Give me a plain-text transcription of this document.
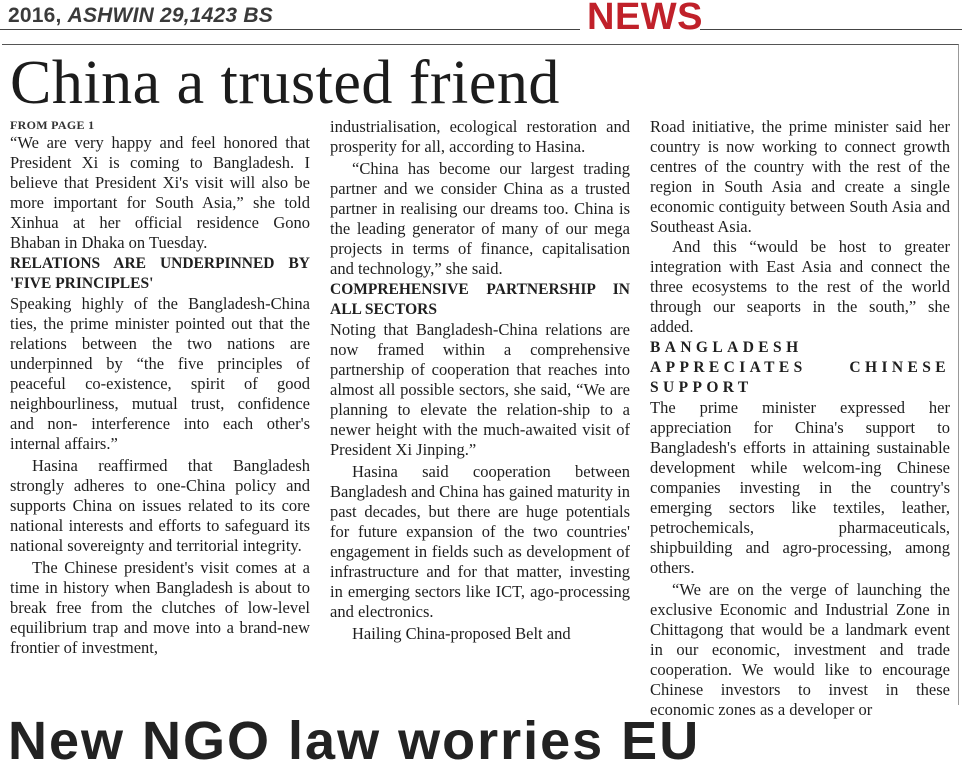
2016, ASHWIN 29,1423 BS	NEWS
China a trusted friend
FROM PAGE 1

“We are very happy and feel honored that President Xi is coming to Bangladesh. I believe that President Xi's visit will also be more important for South Asia,” she told Xinhua at her official residence Gono Bhaban in Dhaka on Tuesday.

RELATIONS ARE UNDERPINNED BY 'FIVE PRINCIPLES'

Speaking highly of the Bangladesh-China ties, the prime minister pointed out that the relations between the two nations are underpinned by “the five principles of peaceful co-existence, spirit of good neighbourliness, mutual trust, confidence and non- interference into each other's internal affairs.”

Hasina reaffirmed that Bangladesh strongly adheres to one-China policy and supports China on issues related to its core national interests and efforts to safeguard its national sovereignty and territorial integrity.

The Chinese president's visit comes at a time in history when Bangladesh is about to break free from the clutches of low-level equilibrium trap and move into a brand-new frontier of investment,

industrialisation, ecological restoration and prosperity for all, according to Hasina.

“China has become our largest trading partner and we consider China as a trusted partner in realising our dreams too. China is the leading generator of many of our mega projects in terms of finance, capitalisation and technology,” she said.

COMPREHENSIVE PARTNERSHIP IN ALL SECTORS

Noting that Bangladesh-China relations are now framed within a comprehensive partnership of cooperation that reaches into almost all possible sectors, she said, “We are planning to elevate the relation-ship to a newer height with the much-awaited visit of President Xi Jinping.”

Hasina said cooperation between Bangladesh and China has gained maturity in past decades, but there are huge potentials for future expansion of the two countries' engagement in fields such as development of infrastructure and for that matter, investing in emerging sectors like ICT, ago-processing and electronics.

Hailing China-proposed Belt and

Road initiative, the prime minister said her country is now working to connect growth centres of the country with the rest of the region in South Asia and create a single economic contiguity between South Asia and Southeast Asia.

And this “would be host to greater integration with East Asia and connect the three ecosystems to the rest of the world through our seaports in the south,” she added.

BANGLADESH APPRECIATES CHINESE SUPPORT

The prime minister expressed her appreciation for China's support to Bangladesh's efforts in attaining sustainable development while welcom-ing Chinese companies investing in the country's emerging sectors like textiles, leather, petrochemicals, pharmaceuticals, shipbuilding and agro-processing, among others.

“We are on the verge of launching the exclusive Economic and Industrial Zone in Chittagong that would be a landmark event in our economic, investment and trade cooperation. We would like to encourage Chinese investors to invest in these economic zones as a developer or

New NGO law worries EU
